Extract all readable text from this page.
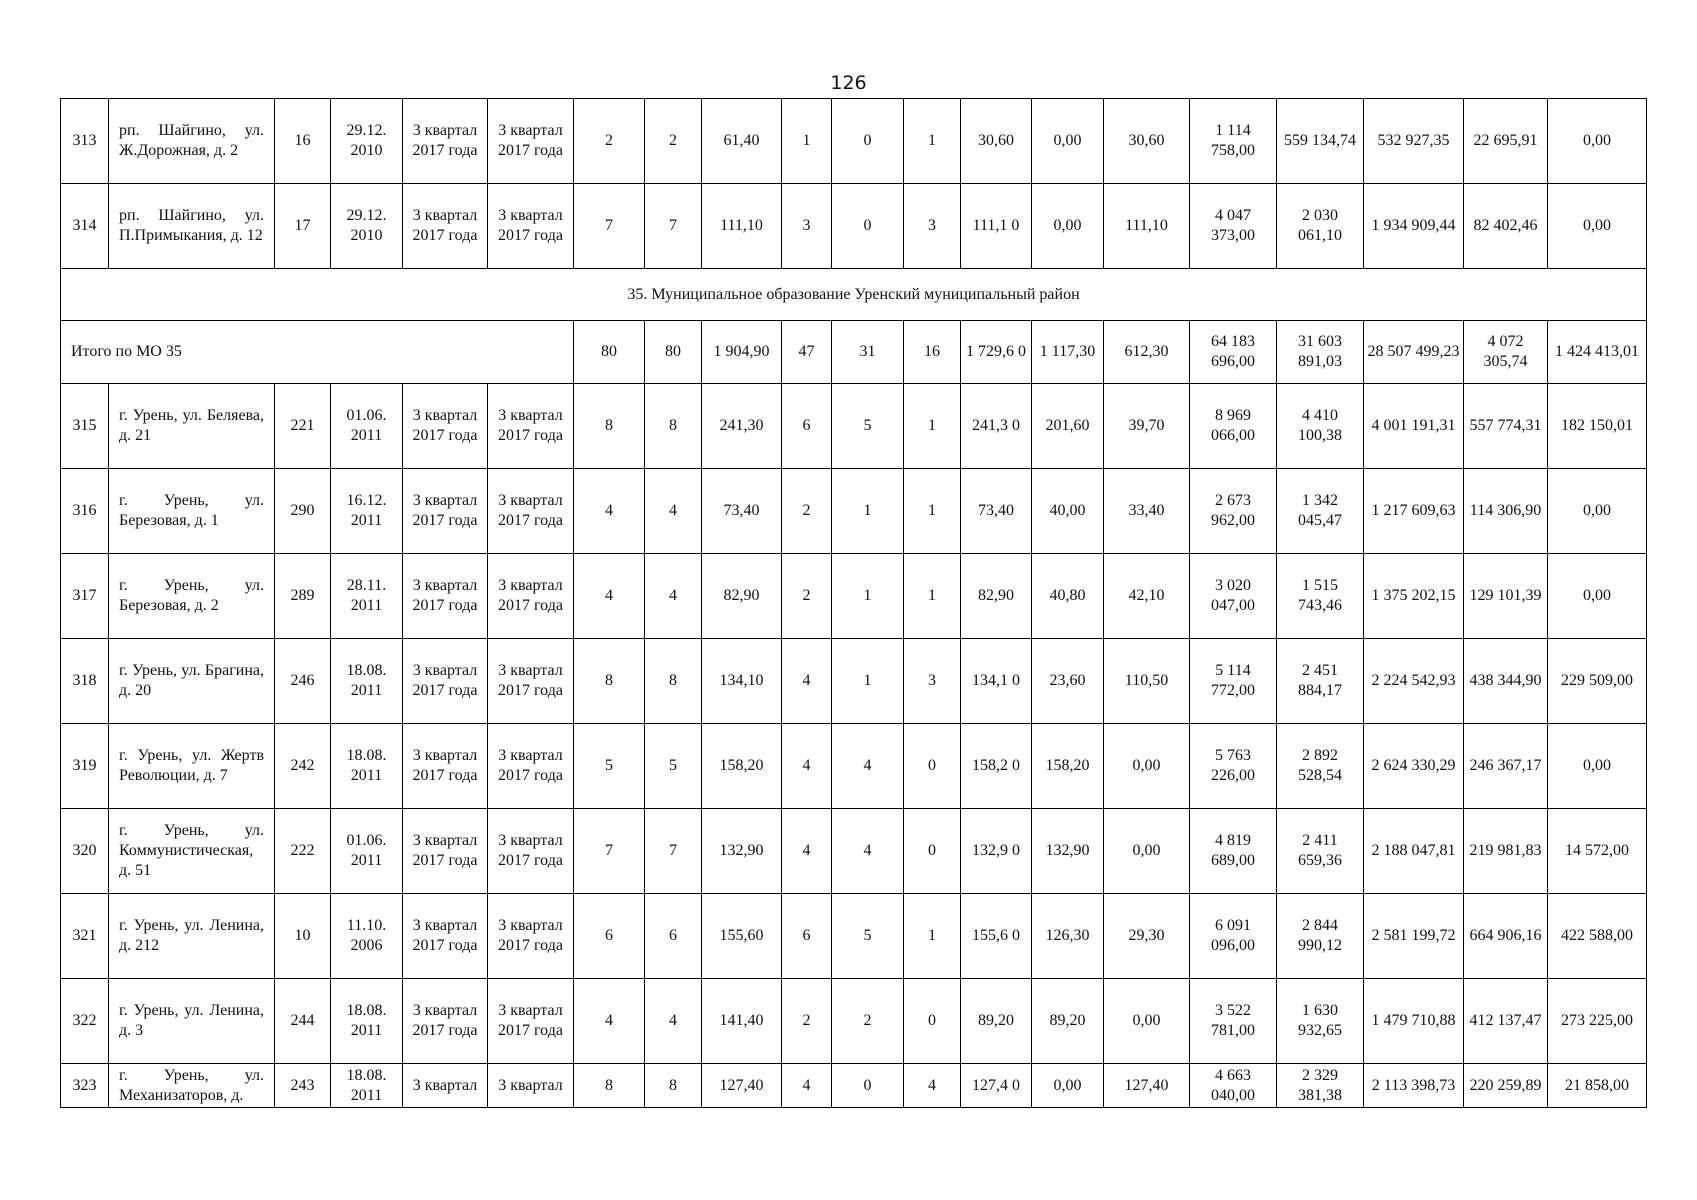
126
313	рп. Шайгино, ул. Ж.Дорожная, д. 2	16	29.12. 2010	3 квартал 2017 года	3 квартал 2017 года	2	2	61,40	1	0	1	30,60	0,00	30,60	1 114 758,00	559 134,74	532 927,35	22 695,91	0,00
314	рп. Шайгино, ул. П.Примыкания, д. 12	17	29.12. 2010	3 квартал 2017 года	3 квартал 2017 года	7	7	111,10	3	0	3	111,1 0	0,00	111,10	4 047 373,00	2 030 061,10	1 934 909,44	82 402,46	0,00
35. Муниципальное образование Уренский муниципальный район																			
Итого по МО 35						80	80	1 904,90	47	31	16	1 729,6 0	1 117,30	612,30	64 183 696,00	31 603 891,03	28 507 499,23	4 072 305,74	1 424 413,01
315	г. Урень, ул. Беляева, д. 21	221	01.06. 2011	3 квартал 2017 года	3 квартал 2017 года	8	8	241,30	6	5	1	241,3 0	201,60	39,70	8 969 066,00	4 410 100,38	4 001 191,31	557 774,31	182 150,01
316	г. Урень, ул. Березовая, д. 1	290	16.12. 2011	3 квартал 2017 года	3 квартал 2017 года	4	4	73,40	2	1	1	73,40	40,00	33,40	2 673 962,00	1 342 045,47	1 217 609,63	114 306,90	0,00
317	г. Урень, ул. Березовая, д. 2	289	28.11. 2011	3 квартал 2017 года	3 квартал 2017 года	4	4	82,90	2	1	1	82,90	40,80	42,10	3 020 047,00	1 515 743,46	1 375 202,15	129 101,39	0,00
318	г. Урень, ул. Брагина, д. 20	246	18.08. 2011	3 квартал 2017 года	3 квартал 2017 года	8	8	134,10	4	1	3	134,1 0	23,60	110,50	5 114 772,00	2 451 884,17	2 224 542,93	438 344,90	229 509,00
319	г. Урень, ул. Жертв Революции, д. 7	242	18.08. 2011	3 квартал 2017 года	3 квартал 2017 года	5	5	158,20	4	4	0	158,2 0	158,20	0,00	5 763 226,00	2 892 528,54	2 624 330,29	246 367,17	0,00
320	г. Урень, ул. Коммунистическая, д. 51	222	01.06. 2011	3 квартал 2017 года	3 квартал 2017 года	7	7	132,90	4	4	0	132,9 0	132,90	0,00	4 819 689,00	2 411 659,36	2 188 047,81	219 981,83	14 572,00
321	г. Урень, ул. Ленина, д. 212	10	11.10. 2006	3 квартал 2017 года	3 квартал 2017 года	6	6	155,60	6	5	1	155,6 0	126,30	29,30	6 091 096,00	2 844 990,12	2 581 199,72	664 906,16	422 588,00
322	г. Урень, ул. Ленина, д. 3	244	18.08. 2011	3 квартал 2017 года	3 квартал 2017 года	4	4	141,40	2	2	0	89,20	89,20	0,00	3 522 781,00	1 630 932,65	1 479 710,88	412 137,47	273 225,00
323	г. Урень, ул. Механизаторов, д.	243	18.08. 2011	3 квартал	3 квартал	8	8	127,40	4	0	4	127,4 0	0,00	127,40	4 663 040,00	2 329 381,38	2 113 398,73	220 259,89	21 858,00
